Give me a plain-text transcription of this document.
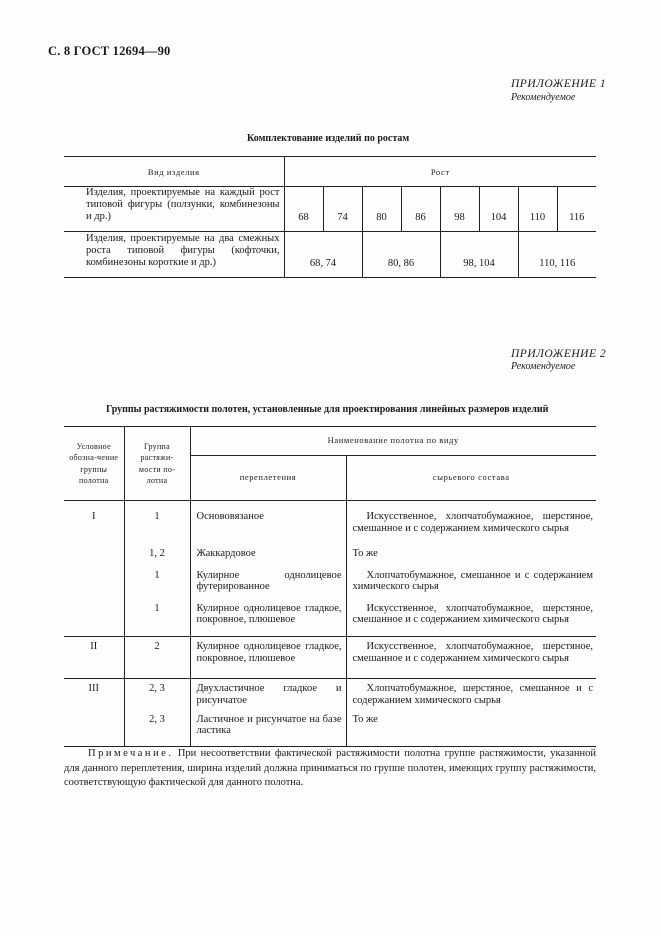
С. 8 ГОСТ 12694—90
ПРИЛОЖЕНИЕ 1
Рекомендуемое
Комплектование изделий по ростам
Вид изделия	Рост							
Изделия, проектируемые на каждый рост типовой фигуры (ползунки, комбинезоны и др.)	68	74	80	86	98	104	110	116
Изделия, проектируемые на два смежных роста типовой фигуры (кофточки, комбинезоны короткие и др.)	68, 74		80, 86		98, 104		110, 116	
ПРИЛОЖЕНИЕ 2
Рекомендуемое
Группы растяжимости полотен, установленные для проектирования линейных размеров изделий
Условное обозна-чение группы полотна	Группа растяжи-мости по-лотна	Наименование полотна по виду	
		переплетения	сырьевого состава
I	1	Основовязаное	Искусственное, хлопчатобумажное, шерстяное, смешанное и с содержанием химического сырья
	1, 2	Жаккардовое	То же
	1	Кулирное однолицевое футерированное	Хлопчатобумажное, смешанное и с содержанием химического сырья
	1	Кулирное однолицевое гладкое, покровное, плюшевое	Искусственное, хлопчатобумажное, шерстяное, смешанное и с содержанием химического сырья
II	2	Кулирное однолицевое гладкое, покровное, плюшевое	Искусственное, хлопчатобумажное, шерстяное, смешанное и с содержанием химического сырья
III	2, 3	Двухластичное гладкое и рисунчатое	Хлопчатобумажное, шерстяное, смешанное и с содержанием химического сырья
	2, 3	Ластичное и рисунчатое на базе ластика	То же
Примечание. При несоответствии фактической растяжимости полотна группе растяжимости, указанной для данного переплетения, ширина изделий должна приниматься по группе полотен, имеющих группу растяжимости, соответствующую фактической для данного полотна.
